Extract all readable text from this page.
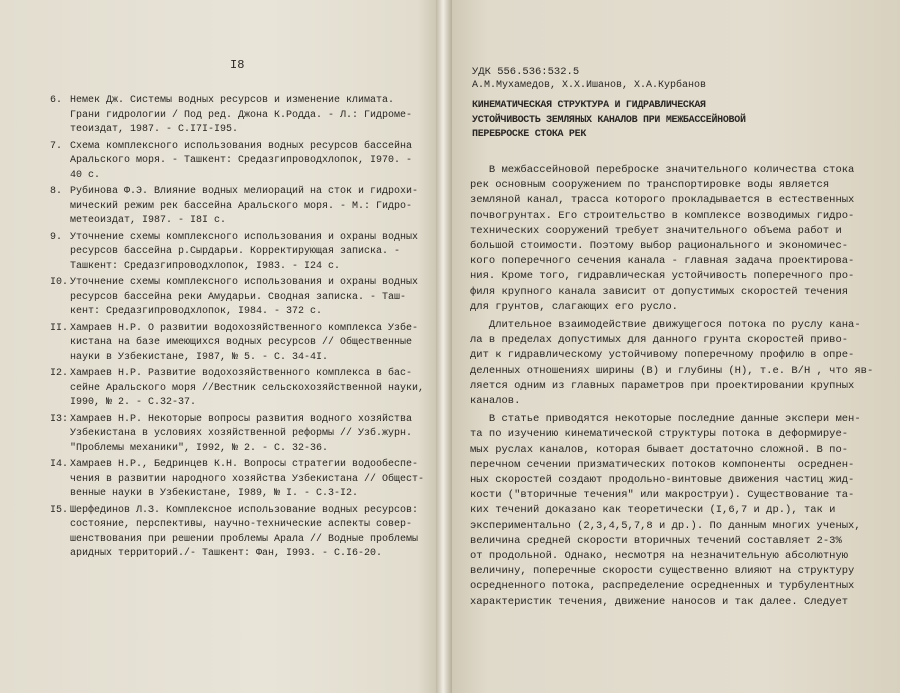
I8
6. Немек Дж. Системы водных ресурсов и изменение климата.
Грани гидрологии / Под ред. Джона К.Родда. - Л.: Гидроме-
теоиздат, 1987. - С.I7I-I95.
7. Схема комплексного использования водных ресурсов бассейна
Аральского моря. - Ташкент: Средазгипроводхлопок, I970. -
40 с.
8. Рубинова Ф.Э. Влияние водных мелиораций на сток и гидрохи-
мический режим рек бассейна Аральского моря. - М.: Гидро-
метеоиздат, I987. - I8I с.
9. Уточнение схемы комплексного использования и охраны водных
ресурсов бассейна р.Сырдарьи. Корректирующая записка. -
Ташкент: Средазгипроводхлопок, I983. - I24 с.
I0. Уточнение схемы комплексного использования и охраны водных
ресурсов бассейна реки Амударьи. Сводная записка. - Таш-
кент: Средазгипроводхлопок, I984. - 372 с.
II. Хамраев Н.Р. О развитии водохозяйственного комплекса Узбе-
кистана на базе имеющихся водных ресурсов // Общественные
науки в Узбекистане, I987, № 5. - С. 34-4I.
I2. Хамраев Н.Р. Развитие водохозяйственного комплекса в бас-
сейне Аральского моря //Вестник сельскохозяйственной науки,
I990, № 2. - С.32-37.
I3: Хамраев Н.Р. Некоторые вопросы развития водного хозяйства
Узбекистана в условиях хозяйственной реформы // Узб.журн.
"Проблемы механики", I992, № 2. - С. 32-36.
I4. Хамраев Н.Р., Бедринцев К.Н. Вопросы стратегии водообеспе-
чения в развитии народного хозяйства Узбекистана // Общест-
венные науки в Узбекистане, I989, № I. - С.3-I2.
I5. Шерфединов Л.З. Комплексное использование водных ресурсов:
состояние, перспективы, научно-технические аспекты совер-
шенствования при решении проблемы Арала // Водные проблемы
аридных территорий./- Ташкент: Фан, I993. - С.I6-20.
УДК 556.536:532.5
А.М.Мухамедов, Х.Х.Ишанов, Х.А.Курбанов
КИНЕМАТИЧЕСКАЯ СТРУКТУРА И ГИДРАВЛИЧЕСКАЯ
УСТОЙЧИВОСТЬ ЗЕМЛЯНЫХ КАНАЛОВ ПРИ МЕЖБАССЕЙНОВОЙ
ПЕРЕБРОСКЕ СТОКА РЕК
В межбассейновой переброске значительного количества стока
рек основным сооружением по транспортировке воды является
земляной канал, трасса которого прокладывается в естественных
почвогрунтах. Его строительство в комплексе возводимых гидро-
технических сооружений требует значительного объема работ и
большой стоимости. Поэтому выбор рационального и экономичес-
кого поперечного сечения канала - главная задача проектирова-
ния. Кроме того, гидравлическая устойчивость поперечного про-
филя крупного канала зависит от допустимых скоростей течения
для грунтов, слагающих его русло.
Длительное взаимодействие движущегося потока по руслу кана-
ла в пределах допустимых для данного грунта скоростей приво-
дит к гидравлическому устойчивому поперечному профилю в опре-
деленных отношениях ширины (В) и глубины (Н), т.е. B/H , что яв-
ляется одним из главных параметров при проектировании крупных
каналов.
В статье приводятся некоторые последние данные экспери мен-
та по изучению кинематической структуры потока в деформируе-
мых руслах каналов, которая бывает достаточно сложной. В по-
перечном сечении призматических потоков компоненты  осреднен-
ных скоростей создают продольно-винтовые движения частиц жид-
кости ("вторичные течения" или макроструи). Существование та-
ких течений доказано как теоретически (I,6,7 и др.), так и
экспериментально (2,3,4,5,7,8 и др.). По данным многих ученых,
величина средней скорости вторичных течений составляет 2-3%
от продольной. Однако, несмотря на незначительную абсолютную
величину, поперечные скорости существенно влияют на структуру
осредненного потока, распределение осредненных и турбулентных
характеристик течения, движение наносов и так далее. Следует
